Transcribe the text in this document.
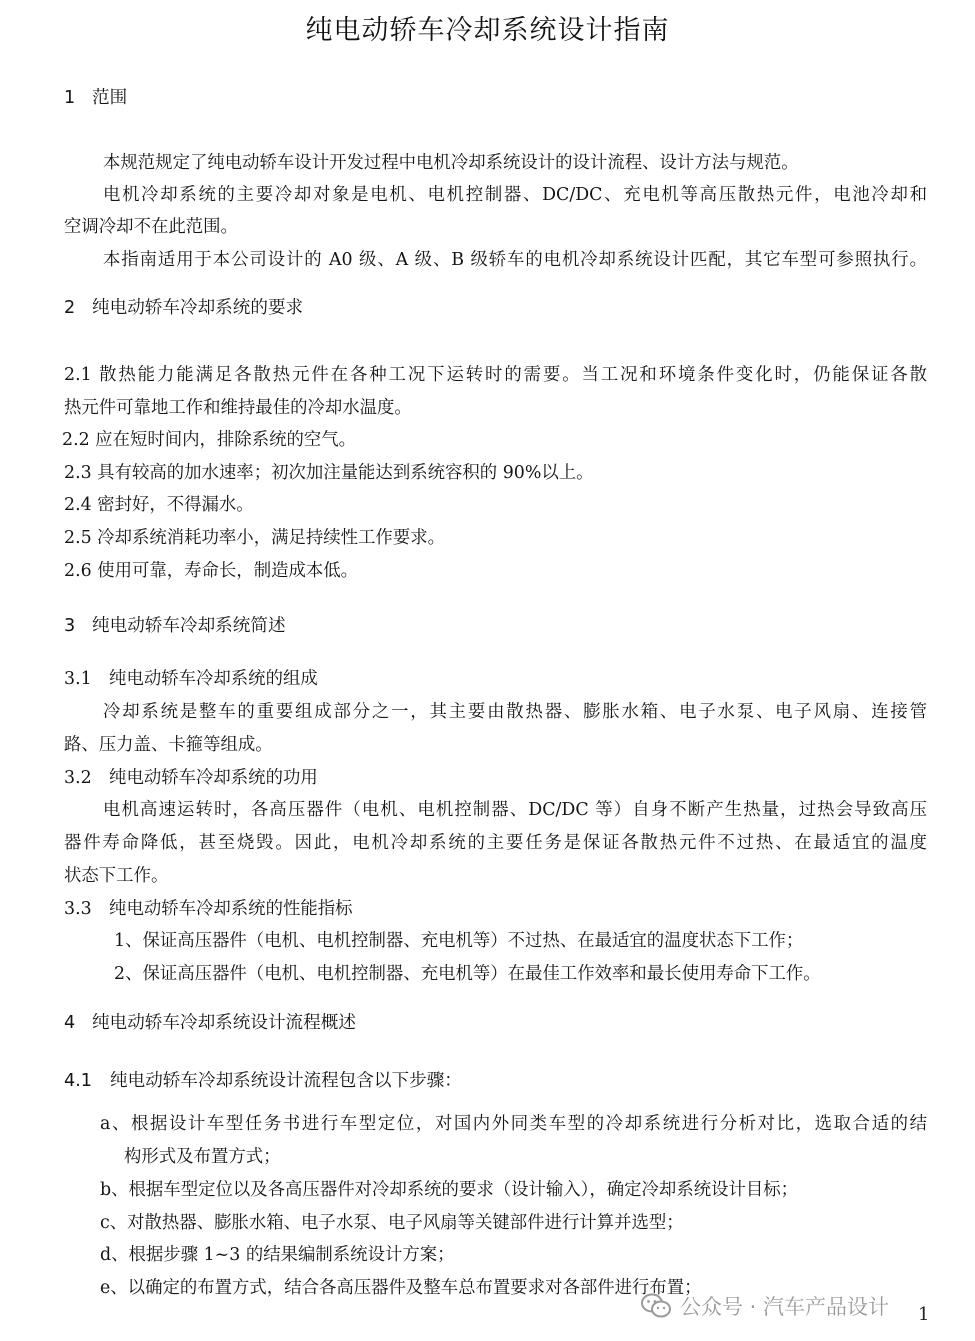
纯电动轿车冷却系统设计指南
1 范围
本规范规定了纯电动轿车设计开发过程中电机冷却系统设计的设计流程、设计方法与规范。
电机冷却系统的主要冷却对象是电机、电机控制器、DC/DC、充电机等高压散热元件，电池冷却和
空调冷却不在此范围。
本指南适用于本公司设计的 A0 级、A 级、B 级轿车的电机冷却系统设计匹配，其它车型可参照执行。
2 纯电动轿车冷却系统的要求
2.1 散热能力能满足各散热元件在各种工况下运转时的需要。当工况和环境条件变化时，仍能保证各散
热元件可靠地工作和维持最佳的冷却水温度。
2.2 应在短时间内，排除系统的空气。
2.3 具有较高的加水速率；初次加注量能达到系统容积的 90%以上。
2.4 密封好，不得漏水。
2.5 冷却系统消耗功率小，满足持续性工作要求。
2.6 使用可靠，寿命长，制造成本低。
3 纯电动轿车冷却系统简述
3.1　纯电动轿车冷却系统的组成
冷却系统是整车的重要组成部分之一，其主要由散热器、膨胀水箱、电子水泵、电子风扇、连接管
路、压力盖、卡箍等组成。
3.2　纯电动轿车冷却系统的功用
电机高速运转时，各高压器件（电机、电机控制器、DC/DC 等）自身不断产生热量，过热会导致高压
器件寿命降低，甚至烧毁。因此，电机冷却系统的主要任务是保证各散热元件不过热、在最适宜的温度
状态下工作。
3.3　纯电动轿车冷却系统的性能指标
1、保证高压器件（电机、电机控制器、充电机等）不过热、在最适宜的温度状态下工作；
2、保证高压器件（电机、电机控制器、充电机等）在最佳工作效率和最长使用寿命下工作。
4 纯电动轿车冷却系统设计流程概述
4.1 纯电动轿车冷却系统设计流程包含以下步骤：
a、根据设计车型任务书进行车型定位，对国内外同类车型的冷却系统进行分析对比，选取合适的结
构形式及布置方式；
b、根据车型定位以及各高压器件对冷却系统的要求（设计输入），确定冷却系统设计目标；
c、对散热器、膨胀水箱、电子水泵、电子风扇等关键部件进行计算并选型；
d、根据步骤 1~3 的结果编制系统设计方案；
e、以确定的布置方式，结合各高压器件及整车总布置要求对各部件进行布置；
公众号 · 汽车产品设计 1
